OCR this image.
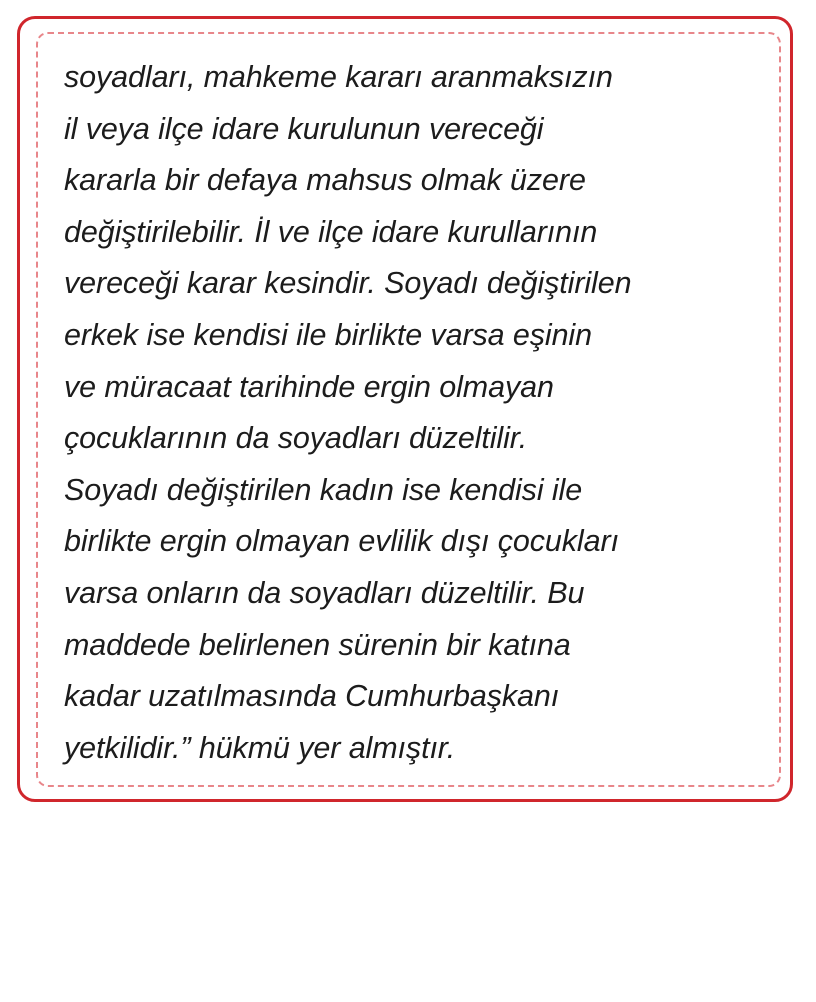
soyadları, mahkeme kararı aranmaksızın
il veya ilçe idare kurulunun vereceği
kararla bir defaya mahsus olmak üzere
değiştirilebilir. İl ve ilçe idare kurullarının
vereceği karar kesindir. Soyadı değiştirilen
erkek ise kendisi ile birlikte varsa eşinin
ve müracaat tarihinde ergin olmayan
çocuklarının da soyadları düzeltilir.
Soyadı değiştirilen kadın ise kendisi ile
birlikte ergin olmayan evlilik dışı çocukları
varsa onların da soyadları düzeltilir. Bu
maddede belirlenen sürenin bir katına
kadar uzatılmasında Cumhurbaşkanı
yetkilidir.” hükmü yer almıştır.
